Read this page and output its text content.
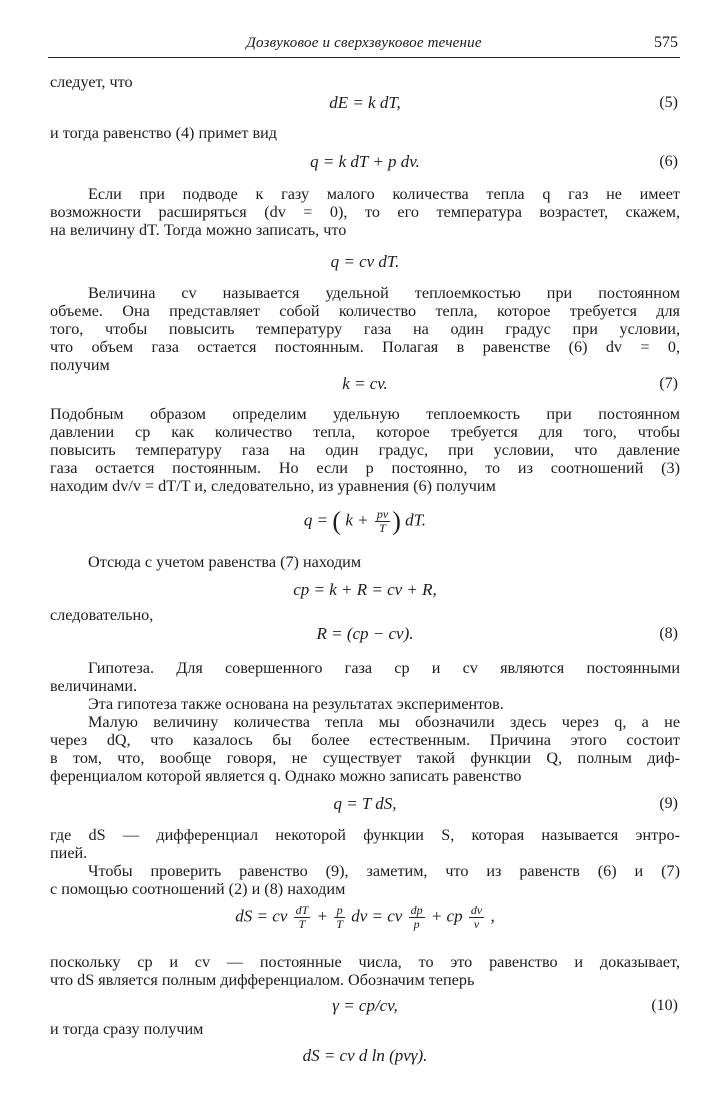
Дозвуковое и сверхзвуковое течение	575
следует, что
dE = k dT,	(5)
и тогда равенство (4) примет вид
q = k dT + p dv.	(6)
Если при подводе к газу малого количества тепла q газ не имеет
возможности расширяться (dv = 0), то его температура возрастет, скажем,
на величину dT. Тогда можно записать, что
q = cv dT.
Величина cv называется удельной теплоемкостью при постоянном
объеме. Она представляет собой количество тепла, которое требуется для
того, чтобы повысить температуру газа на один градус при условии,
что объем газа остается постоянным. Полагая в равенстве (6) dv = 0,
получим
k = cv.	(7)
Подобным образом определим удельную теплоемкость при постоянном
давлении cp как количество тепла, которое требуется для того, чтобы
повысить температуру газа на один градус, при условии, что давление
газа остается постоянным. Но если p постоянно, то из соотношений (3)
находим dv/v = dT/T и, следовательно, из уравнения (6) получим
q = ( $k + \frac{pv}{T}$ ) dT.
Отсюда с учетом равенства (7) находим
cp = k + R = cv + R,
следовательно,
R = (cp − cv).	(8)
Гипотеза. Для совершенного газа cp и cv являются постоянными
величинами.
Эта гипотеза также основана на результатах экспериментов.
Малую величину количества тепла мы обозначили здесь через q, а не
через dQ, что казалось бы более естественным. Причина этого состоит
в том, что, вообще говоря, не существует такой функции Q, полным диф-
ференциалом которой является q. Однако можно записать равенство
q = T dS,	(9)
где dS — дифференциал некоторой функции S, которая называется энтро-
пией.
Чтобы проверить равенство (9), заметим, что из равенств (6) и (7)
с помощью соотношений (2) и (8) находим
dS = cv $\frac{dT}{T} + \frac{p}{T}$ dv = cv $\frac{dp}{p}$ + cp $\frac{dv}{v}$ ,
поскольку cp и cv — постоянные числа, то это равенство и доказывает,
что dS является полным дифференциалом. Обозначим теперь
γ = cp/cv,	(10)
и тогда сразу получим
dS = cv d ln (pvγ).
